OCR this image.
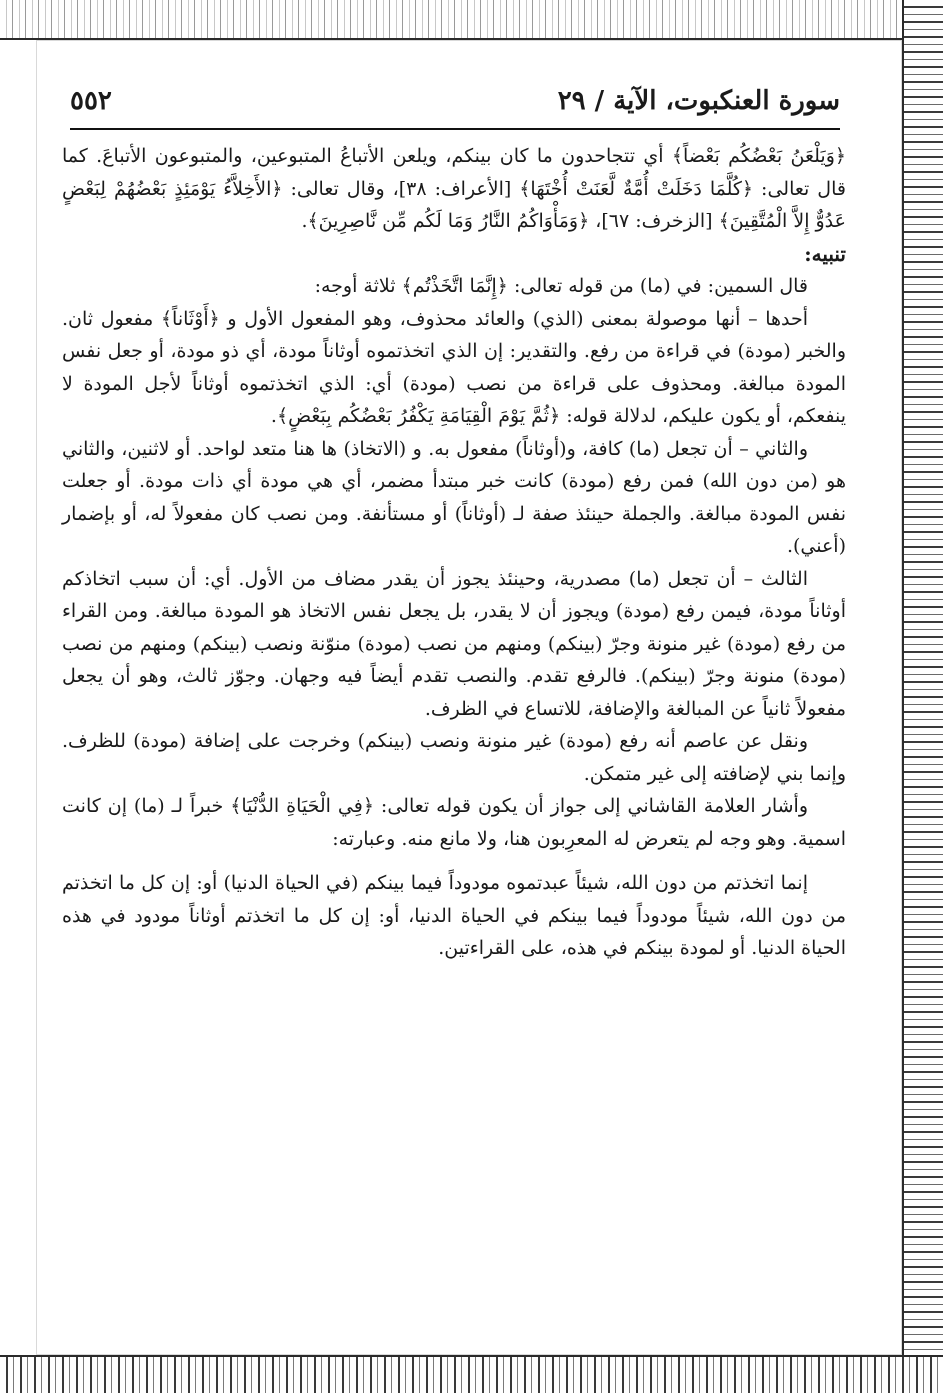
سورة العنكبوت، الآية / ٢٩
٥٥٢

﴿وَيَلْعَنُ بَعْضُكُم بَعْضاً﴾ أي تتجاحدون ما كان بينكم، ويلعن الأتباعُ المتبوعين، والمتبوعون الأتباعَ. كما قال تعالى: ﴿كُلَّمَا دَخَلَتْ أُمَّةٌ لَّعَنَتْ أُخْتَهَا﴾ [الأعراف: ٣٨]، وقال تعالى: ﴿الأَخِلاَّءُ يَوْمَئِذٍ بَعْضُهُمْ لِبَعْضٍ عَدُوٌّ إِلاَّ الْمُتَّقِينَ﴾ [الزخرف: ٦٧]، ﴿وَمَأْوَاكُمُ النَّارُ وَمَا لَكُم مِّن نَّاصِرِينَ﴾.

تنبيه:

قال السمين: في (ما) من قوله تعالى: ﴿إِنَّمَا اتَّخَذْتُم﴾ ثلاثة أوجه:

أحدها – أنها موصولة بمعنى (الذي) والعائد محذوف، وهو المفعول الأول و ﴿أَوْثَاناً﴾ مفعول ثان. والخبر (مودة) في قراءة من رفع. والتقدير: إن الذي اتخذتموه أوثاناً مودة، أي ذو مودة، أو جعل نفس المودة مبالغة. ومحذوف على قراءة من نصب (مودة) أي: الذي اتخذتموه أوثاناً لأجل المودة لا ينفعكم، أو يكون عليكم، لدلالة قوله: ﴿ثُمَّ يَوْمَ الْقِيَامَةِ يَكْفُرُ بَعْضُكُم بِبَعْضٍ﴾.

والثاني – أن تجعل (ما) كافة، و(أوثاناً) مفعول به. و (الاتخاذ) ها هنا متعد لواحد. أو لاثنين، والثاني هو (من دون الله) فمن رفع (مودة) كانت خبر مبتدأ مضمر، أي هي مودة أي ذات مودة. أو جعلت نفس المودة مبالغة. والجملة حينئذ صفة لـ (أوثاناً) أو مستأنفة. ومن نصب كان مفعولاً له، أو بإضمار (أعني).

الثالث – أن تجعل (ما) مصدرية، وحينئذ يجوز أن يقدر مضاف من الأول. أي: أن سبب اتخاذكم أوثاناً مودة، فيمن رفع (مودة) ويجوز أن لا يقدر، بل يجعل نفس الاتخاذ هو المودة مبالغة. ومن القراء من رفع (مودة) غير منونة وجرّ (بينكم) ومنهم من نصب (مودة) منوّنة ونصب (بينكم) ومنهم من نصب (مودة) منونة وجرّ (بينكم). فالرفع تقدم. والنصب تقدم أيضاً فيه وجهان. وجوّز ثالث، وهو أن يجعل مفعولاً ثانياً عن المبالغة والإضافة، للاتساع في الظرف.

ونقل عن عاصم أنه رفع (مودة) غير منونة ونصب (بينكم) وخرجت على إضافة (مودة) للظرف. وإنما بني لإضافته إلى غير متمكن.

وأشار العلامة القاشاني إلى جواز أن يكون قوله تعالى: ﴿فِي الْحَيَاةِ الدُّنْيَا﴾ خبراً لـ (ما) إن كانت اسمية. وهو وجه لم يتعرض له المعرِبون هنا، ولا مانع منه. وعبارته:

إنما اتخذتم من دون الله، شيئاً عبدتموه مودوداً فيما بينكم (في الحياة الدنيا) أو: إن كل ما اتخذتم من دون الله، شيئاً مودوداً فيما بينكم في الحياة الدنيا، أو: إن كل ما اتخذتم أوثاناً مودود في هذه الحياة الدنيا. أو لمودة بينكم في هذه، على القراءتين.
